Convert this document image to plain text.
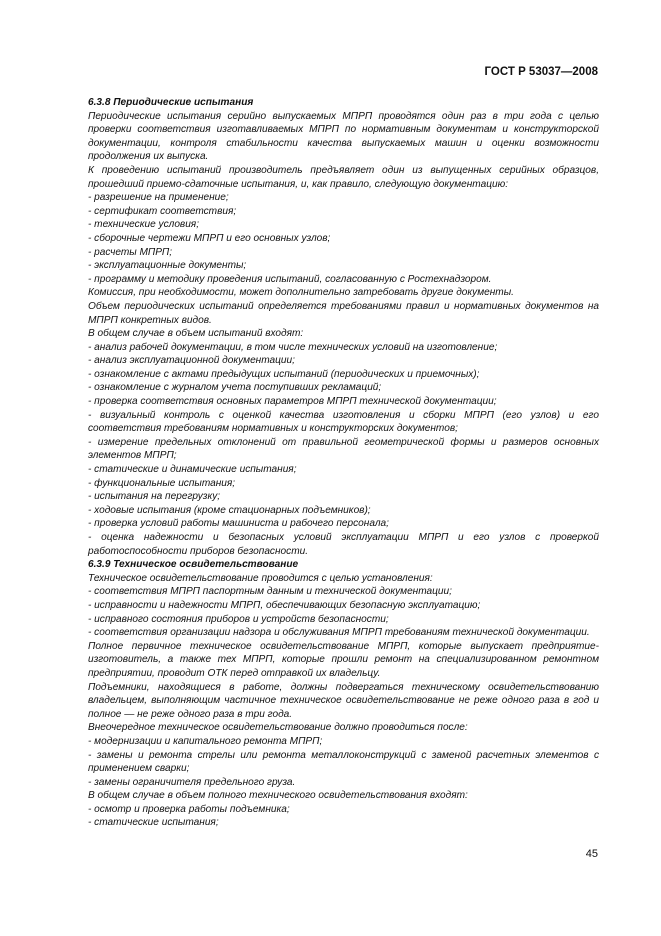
ГОСТ Р 53037—2008

6.3.8 Периодические испытания

Периодические испытания серийно выпускаемых МПРП проводятся один раз в три года с целью проверки соответствия изготавливаемых МПРП по нормативным документам и конструкторской документации, контроля стабильности качества выпускаемых машин и оценки возможности продолжения их выпуска.

К проведению испытаний производитель предъявляет один из выпущенных серийных образцов, прошедший приемо-сдаточные испытания, и, как правило, следующую документацию:

- разрешение на применение;

- сертификат соответствия;

- технические условия;

- сборочные чертежи МПРП и его основных узлов;

- расчеты МПРП;

- эксплуатационные документы;

- программу и методику проведения испытаний, согласованную с Ростехнадзором.

Комиссия, при необходимости, может дополнительно затребовать другие документы.

Объем периодических испытаний определяется требованиями правил и нормативных документов на МПРП конкретных видов.

В общем случае в объем испытаний входят:

- анализ рабочей документации, в том числе технических условий на изготовление;

- анализ эксплуатационной документации;

- ознакомление с актами предыдущих испытаний (периодических и приемочных);

- ознакомление с журналом учета поступивших рекламаций;

- проверка соответствия основных параметров МПРП технической документации;

- визуальный контроль с оценкой качества изготовления и сборки МПРП (его узлов) и его соответствия требованиям нормативных и конструкторских документов;

- измерение предельных отклонений от правильной геометрической формы и размеров основных элементов МПРП;

- статические и динамические испытания;

- функциональные испытания;

- испытания на перегрузку;

- ходовые испытания (кроме стационарных подъемников);

- проверка условий работы машиниста и рабочего персонала;

- оценка надежности и безопасных условий эксплуатации МПРП и его узлов с проверкой работоспособности приборов безопасности.

6.3.9 Техническое освидетельствование

Техническое освидетельствование проводится с целью установления:

- соответствия МПРП паспортным данным и технической документации;

- исправности и надежности МПРП, обеспечивающих безопасную эксплуатацию;

- исправного состояния приборов и устройств безопасности;

- соответствия организации надзора и обслуживания МПРП требованиям технической документации.

Полное первичное техническое освидетельствование МПРП, которые выпускает предприятие-изготовитель, а также тех МПРП, которые прошли ремонт на специализированном ремонтном предприятии, проводит ОТК перед отправкой их владельцу.

Подъемники, находящиеся в работе, должны подвергаться техническому освидетельствованию владельцем, выполняющим частичное техническое освидетельствование не реже одного раза в год и полное — не реже одного раза в три года.

Внеочередное техническое освидетельствование должно проводиться после:

- модернизации и капитального ремонта МПРП;

- замены и ремонта стрелы или ремонта металлоконструкций с заменой расчетных элементов с применением сварки;

- замены ограничителя предельного груза.

В общем случае в объем полного технического освидетельствования входят:

- осмотр и проверка работы подъемника;

- статические испытания;

45
